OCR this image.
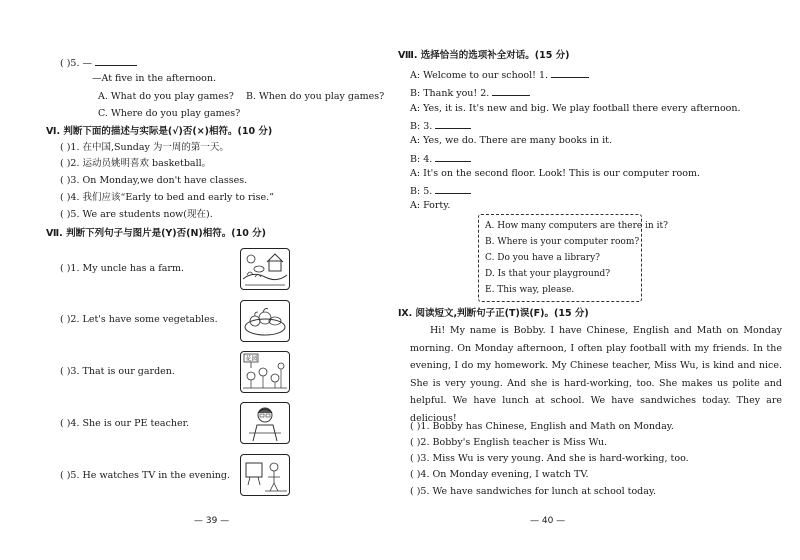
( )5. —
—At five in the afternoon.
A. What do you play games? B. When do you play games?
C. Where do you play games?
Ⅵ. 判断下面的描述与实际是(√)否(×)相符。(10 分)
( )1. 在中国,Sunday 为一周的第一天。
( )2. 运动员姚明喜欢 basketball。
( )3. On Monday,we don't have classes.
( )4. 我们应该“Early to bed and early to rise.”
( )5. We are students now(现在).
Ⅶ. 判断下列句子与图片是(Y)否(N)相符。(10 分)
( )1. My uncle has a farm.
( )2. Let's have some vegetables.
( )3. That is our garden.
( )4. She is our PE teacher.
( )5. He watches TV in the evening.
花园
— 39 —
Ⅷ. 选择恰当的选项补全对话。(15 分)
A: Welcome to our school! 1.
B: Thank you! 2.
A: Yes, it is. It's new and big. We play football there every afternoon.
B: 3.
A: Yes, we do. There are many books in it.
B: 4.
A: It's on the second floor. Look! This is our computer room.
B: 5.
A: Forty.
A. How many computers are there in it?
B. Where is your computer room?
C. Do you have a library?
D. Is that your playground?
E. This way, please.
Ⅸ. 阅读短文,判断句子正(T)误(F)。(15 分)
Hi! My name is Bobby. I have Chinese, English and Math on Monday
morning. On Monday afternoon, I often play football with my friends. In the
evening, I do my homework. My Chinese teacher, Miss Wu, is kind and nice.
She is very young. And she is hard-working, too. She makes us polite and
helpful. We have lunch at school. We have sandwiches today. They are
delicious!
( )1. Bobby has Chinese, English and Math on Monday.
( )2. Bobby's English teacher is Miss Wu.
( )3. Miss Wu is very young. And she is hard-working, too.
( )4. On Monday evening, I watch TV.
( )5. We have sandwiches for lunch at school today.
— 40 —
